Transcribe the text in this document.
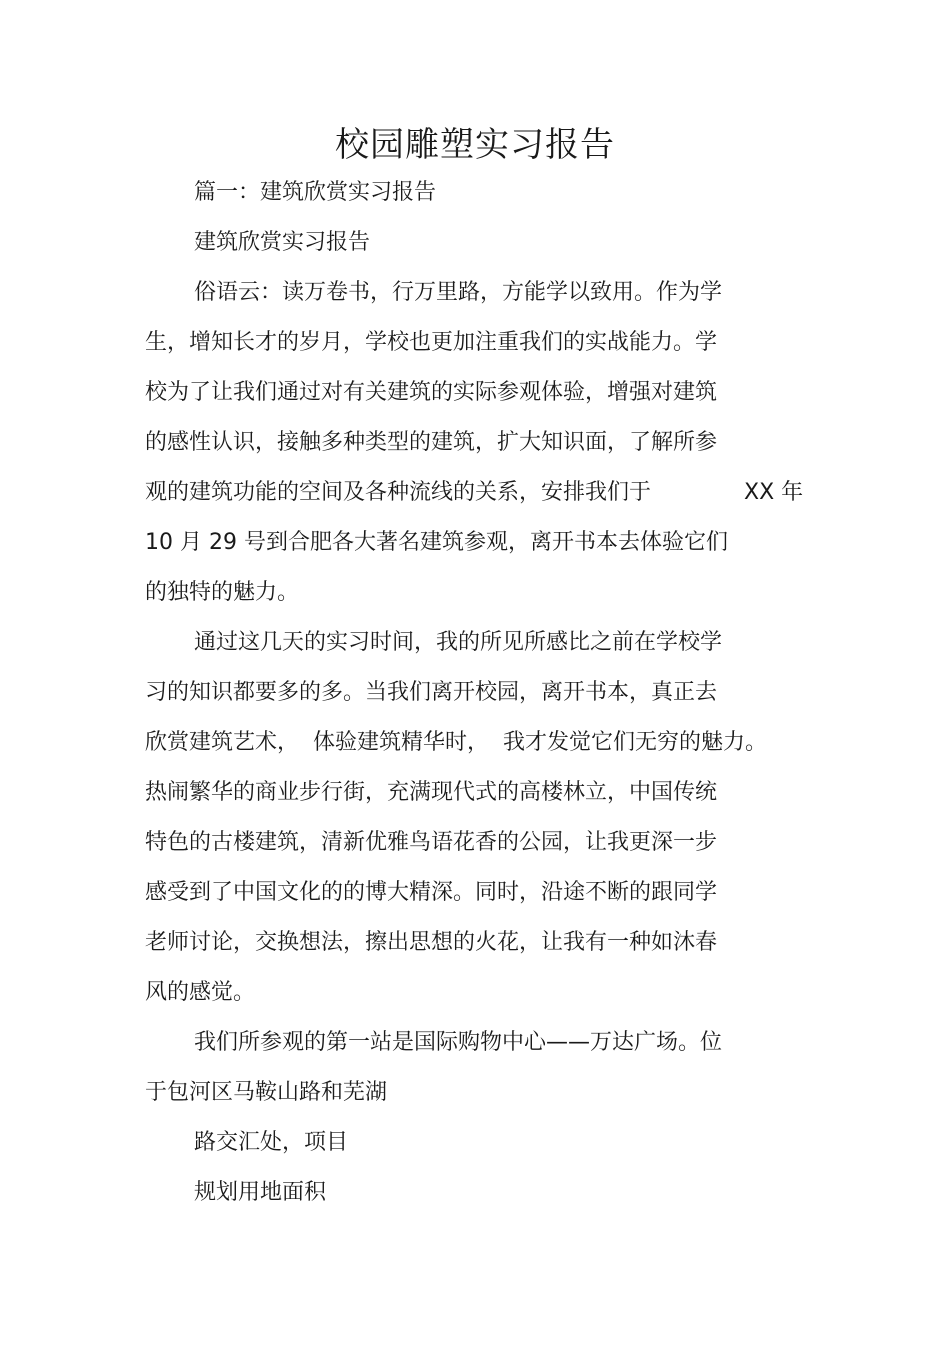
校园雕塑实习报告
篇一：建筑欣赏实习报告
建筑欣赏实习报告
俗语云：读万卷书，行万里路，方能学以致用。作为学
生，增知长才的岁月，学校也更加注重我们的实战能力。学
校为了让我们通过对有关建筑的实际参观体验，增强对建筑
的感性认识，接触多种类型的建筑，扩大知识面，了解所参
观的建筑功能的空间及各种流线的关系，安排我们于	XX 年
10 月 29 号到合肥各大著名建筑参观，离开书本去体验它们
的独特的魅力。
通过这几天的实习时间，我的所见所感比之前在学校学
习的知识都要多的多。当我们离开校园，离开书本，真正去
欣赏建筑艺术，  体验建筑精华时，  我才发觉它们无穷的魅力。
热闹繁华的商业步行街，充满现代式的高楼林立，中国传统
特色的古楼建筑，清新优雅鸟语花香的公园，让我更深一步
感受到了中国文化的的博大精深。同时，沿途不断的跟同学
老师讨论，交换想法，擦出思想的火花，让我有一种如沐春
风的感觉。
我们所参观的第一站是国际购物中心——万达广场。位
于包河区马鞍山路和芜湖
路交汇处，项目
规划用地面积
